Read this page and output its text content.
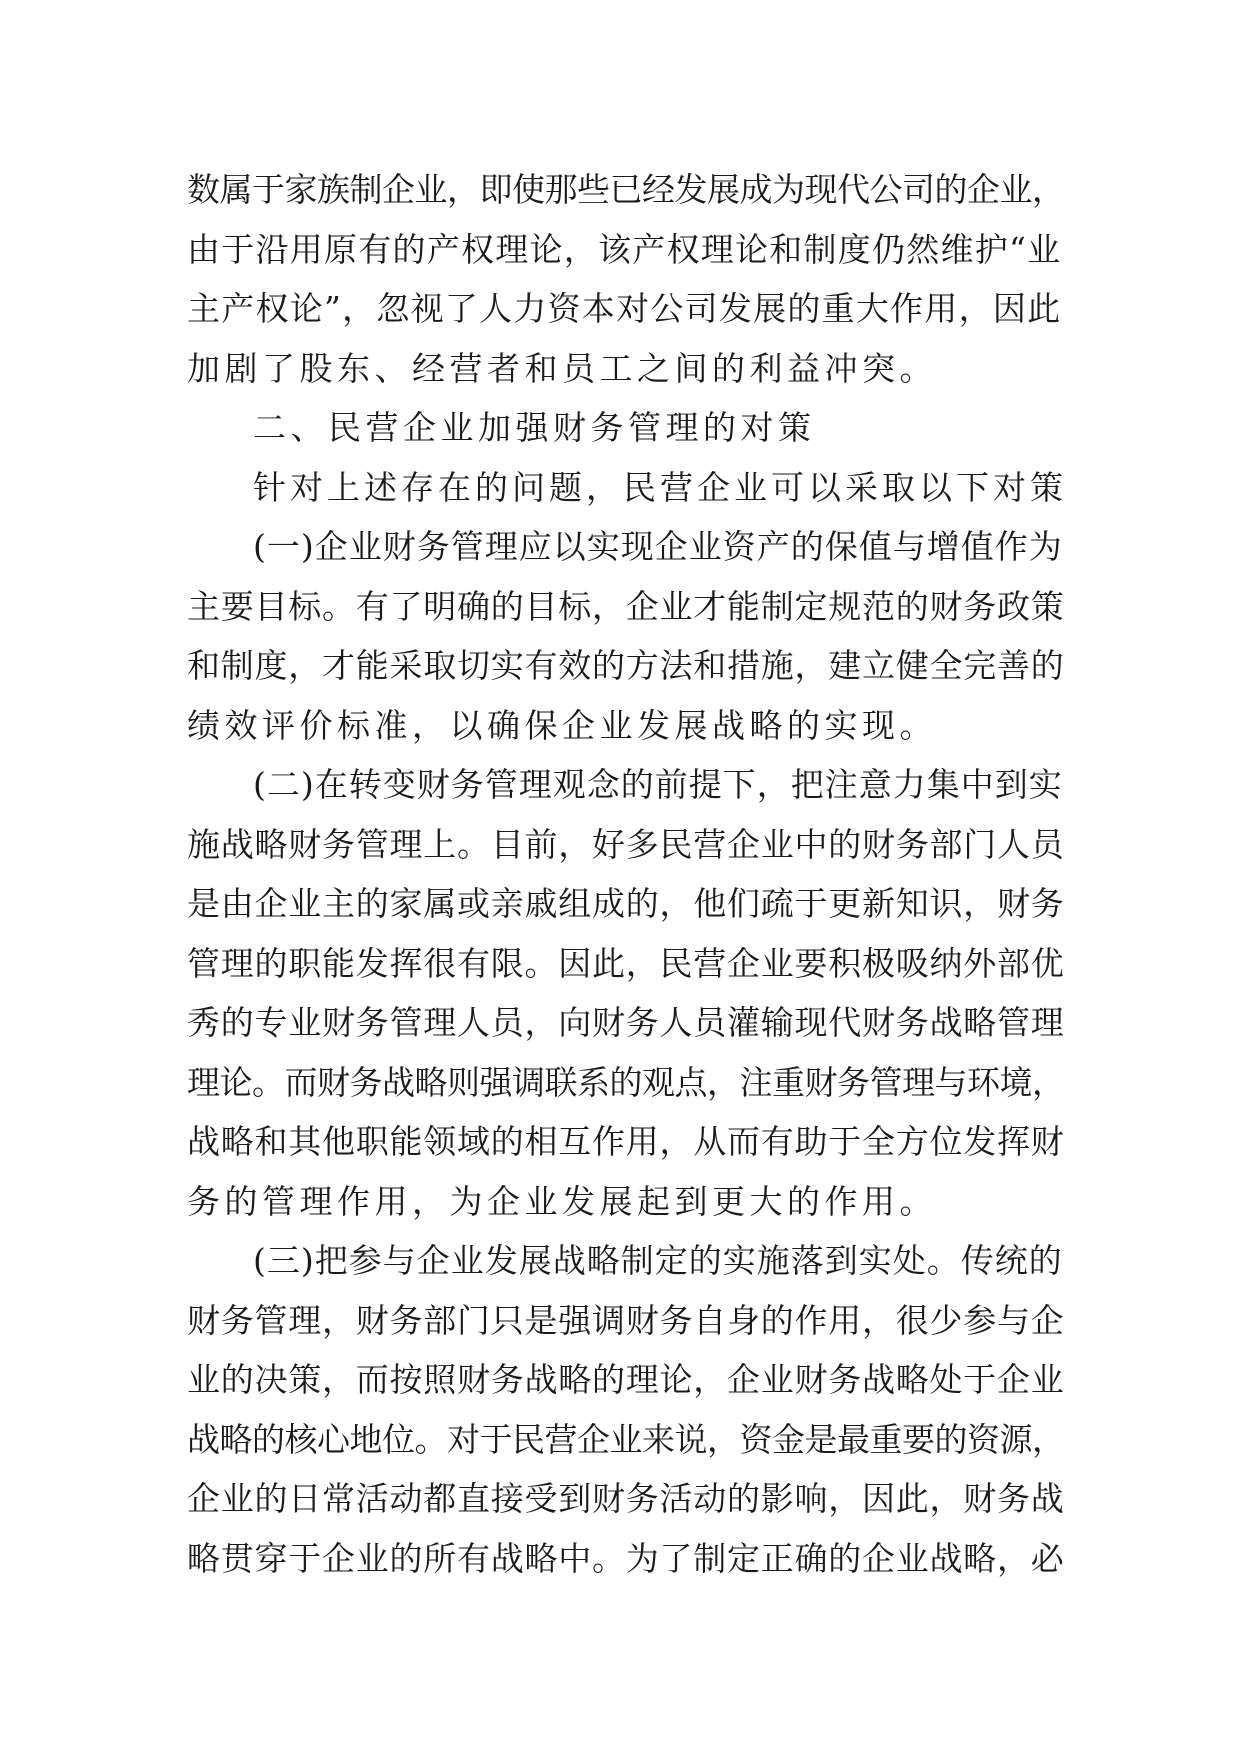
数属于家族制企业，即使那些已经发展成为现代公司的企业，
由于沿用原有的产权理论，该产权理论和制度仍然维护“业
主产权论”，忽视了人力资本对公司发展的重大作用，因此
加剧了股东、经营者和员工之间的利益冲突。
二、民营企业加强财务管理的对策
针对上述存在的问题，民营企业可以采取以下对策
(一)企业财务管理应以实现企业资产的保值与增值作为
主要目标。有了明确的目标，企业才能制定规范的财务政策
和制度，才能采取切实有效的方法和措施，建立健全完善的
绩效评价标准，以确保企业发展战略的实现。
(二)在转变财务管理观念的前提下，把注意力集中到实
施战略财务管理上。目前，好多民营企业中的财务部门人员
是由企业主的家属或亲戚组成的，他们疏于更新知识，财务
管理的职能发挥很有限。因此，民营企业要积极吸纳外部优
秀的专业财务管理人员，向财务人员灌输现代财务战略管理
理论。而财务战略则强调联系的观点，注重财务管理与环境，
战略和其他职能领域的相互作用，从而有助于全方位发挥财
务的管理作用，为企业发展起到更大的作用。
(三)把参与企业发展战略制定的实施落到实处。传统的
财务管理，财务部门只是强调财务自身的作用，很少参与企
业的决策，而按照财务战略的理论，企业财务战略处于企业
战略的核心地位。对于民营企业来说，资金是最重要的资源，
企业的日常活动都直接受到财务活动的影响，因此，财务战
略贯穿于企业的所有战略中。为了制定正确的企业战略，必
